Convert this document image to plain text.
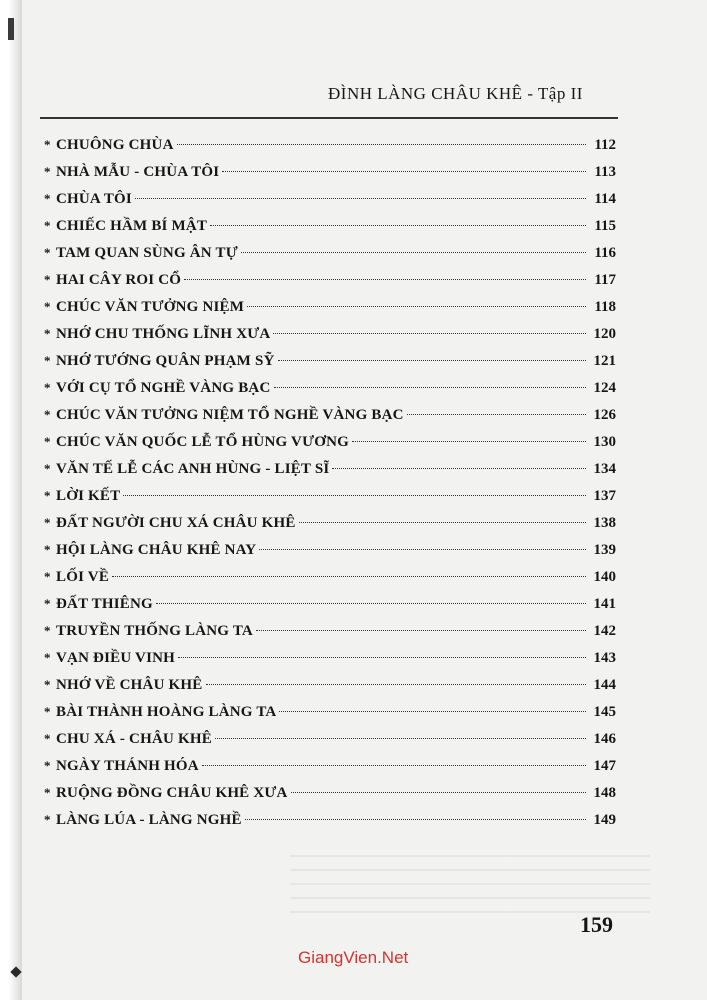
ĐÌNH LÀNG CHÂU KHÊ - Tập II
* CHUÔNG CHÙA	112
* NHÀ MẪU - CHÙA TÔI	113
* CHÙA TÔI	114
* CHIẾC HẦM BÍ MẬT	115
* TAM QUAN SÙNG ÂN TỰ	116
* HAI CÂY ROI CỔ	117
* CHÚC VĂN TƯỞNG NIỆM	118
* NHỚ CHU THỐNG LĨNH XƯA	120
* NHỚ TƯỚNG QUÂN PHẠM SỸ	121
* VỚI CỤ TỔ NGHỀ VÀNG BẠC	124
* CHÚC VĂN TƯỞNG NIỆM TỔ NGHỀ VÀNG BẠC	126
* CHÚC VĂN QUỐC LỄ TỔ HÙNG VƯƠNG	130
* VĂN TẾ LỄ CÁC ANH HÙNG - LIỆT SĨ	134
* LỜI KẾT	137
* ĐẤT NGƯỜI CHU XÁ CHÂU KHÊ	138
* HỘI LÀNG CHÂU KHÊ NAY	139
* LỐI VỀ	140
* ĐẤT THIÊNG	141
* TRUYỀN THỐNG LÀNG TA	142
* VẠN ĐIỀU VINH	143
* NHỚ VỀ CHÂU KHÊ	144
* BÀI THÀNH HOÀNG LÀNG TA	145
* CHU XÁ - CHÂU KHÊ	146
* NGÀY THÁNH HÓA	147
* RUỘNG ĐỒNG CHÂU KHÊ XƯA	148
* LÀNG LÚA - LÀNG NGHỀ	149
159
GiangVien.Net
